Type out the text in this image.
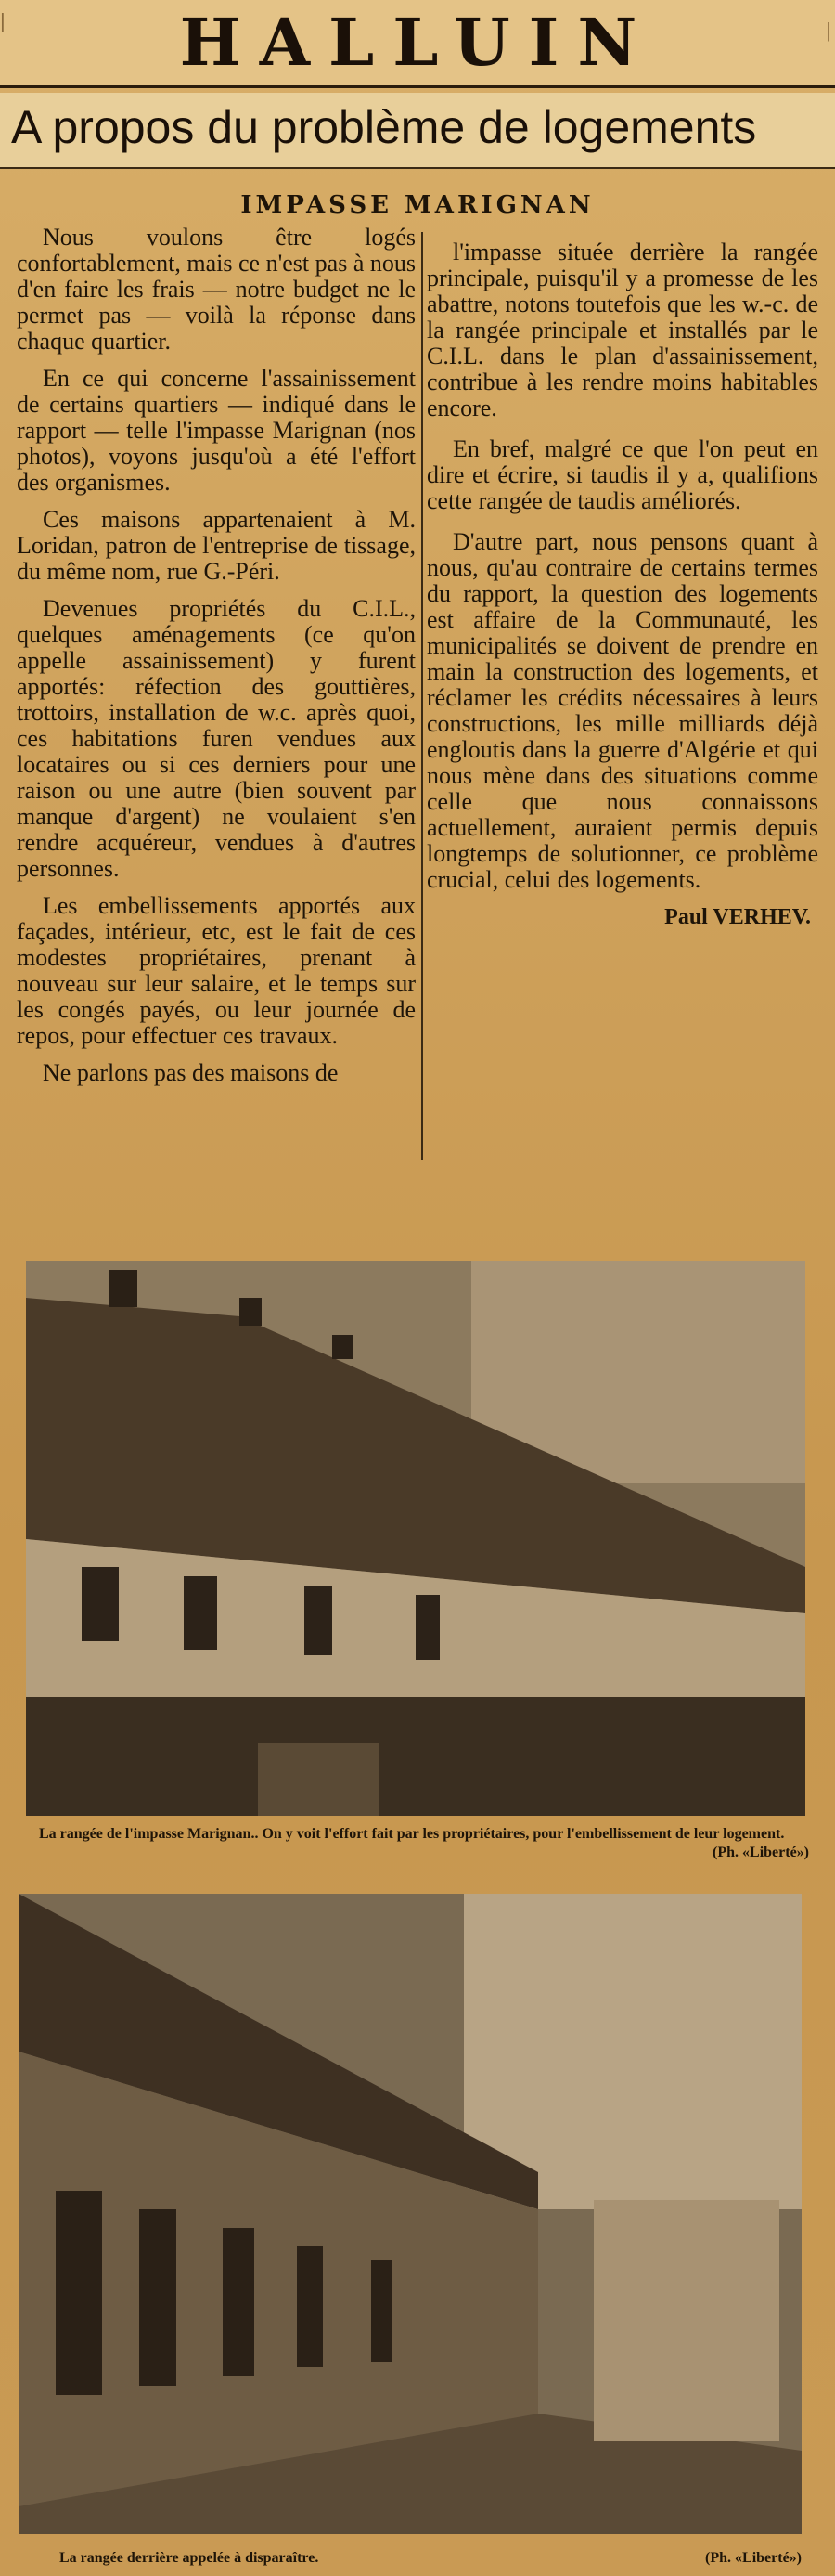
|	HALLUIN	|
A propos du problème de logements
IMPASSE MARIGNAN

Nous voulons être logés confortablement, mais ce n'est pas à nous d'en faire les frais — notre budget ne le permet pas — voilà la réponse dans chaque quartier.

En ce qui concerne l'assainissement de certains quartiers — indiqué dans le rapport — telle l'impasse Marignan (nos photos), voyons jusqu'où a été l'effort des organismes.

Ces maisons appartenaient à M. Loridan, patron de l'entreprise de tissage, du même nom, rue G.-Péri.

Devenues propriétés du C.I.L., quelques aménagements (ce qu'on appelle assainissement) y furent apportés: réfection des gouttières, trottoirs, installation de w.c. après quoi, ces habitations furen vendues aux locataires ou si ces derniers pour une raison ou une autre (bien souvent par manque d'argent) ne voulaient s'en rendre acquéreur, vendues à d'autres personnes.

Les embellissements apportés aux façades, intérieur, etc, est le fait de ces modestes propriétaires, prenant à nouveau sur leur salaire, et le temps sur les congés payés, ou leur journée de repos, pour effectuer ces travaux.

Ne parlons pas des maisons de

l'impasse située derrière la rangée principale, puisqu'il y a promesse de les abattre, notons toutefois que les w.-c. de la rangée principale et installés par le C.I.L. dans le plan d'assainissement, contribue à les rendre moins habitables encore.

En bref, malgré ce que l'on peut en dire et écrire, si taudis il y a, qualifions cette rangée de taudis améliorés.

D'autre part, nous pensons quant à nous, qu'au contraire de certains termes du rapport, la question des logements est affaire de la Communauté, les municipalités se doivent de prendre en main la construction des logements, et réclamer les crédits nécessaires à leurs constructions, les mille milliards déjà engloutis dans la guerre d'Algérie et qui nous mène dans des situations comme celle que nous connaissons actuellement, auraient permis depuis longtemps de solutionner, ce problème crucial, celui des logements.

Paul VERHEV.
La rangée de l'impasse Marignan.. On y voit l'effort fait par les propriétaires, pour l'embellissement de leur logement.
(Ph. «Liberté»)
La rangée derrière appelée à disparaître.	(Ph. «Liberté»)
